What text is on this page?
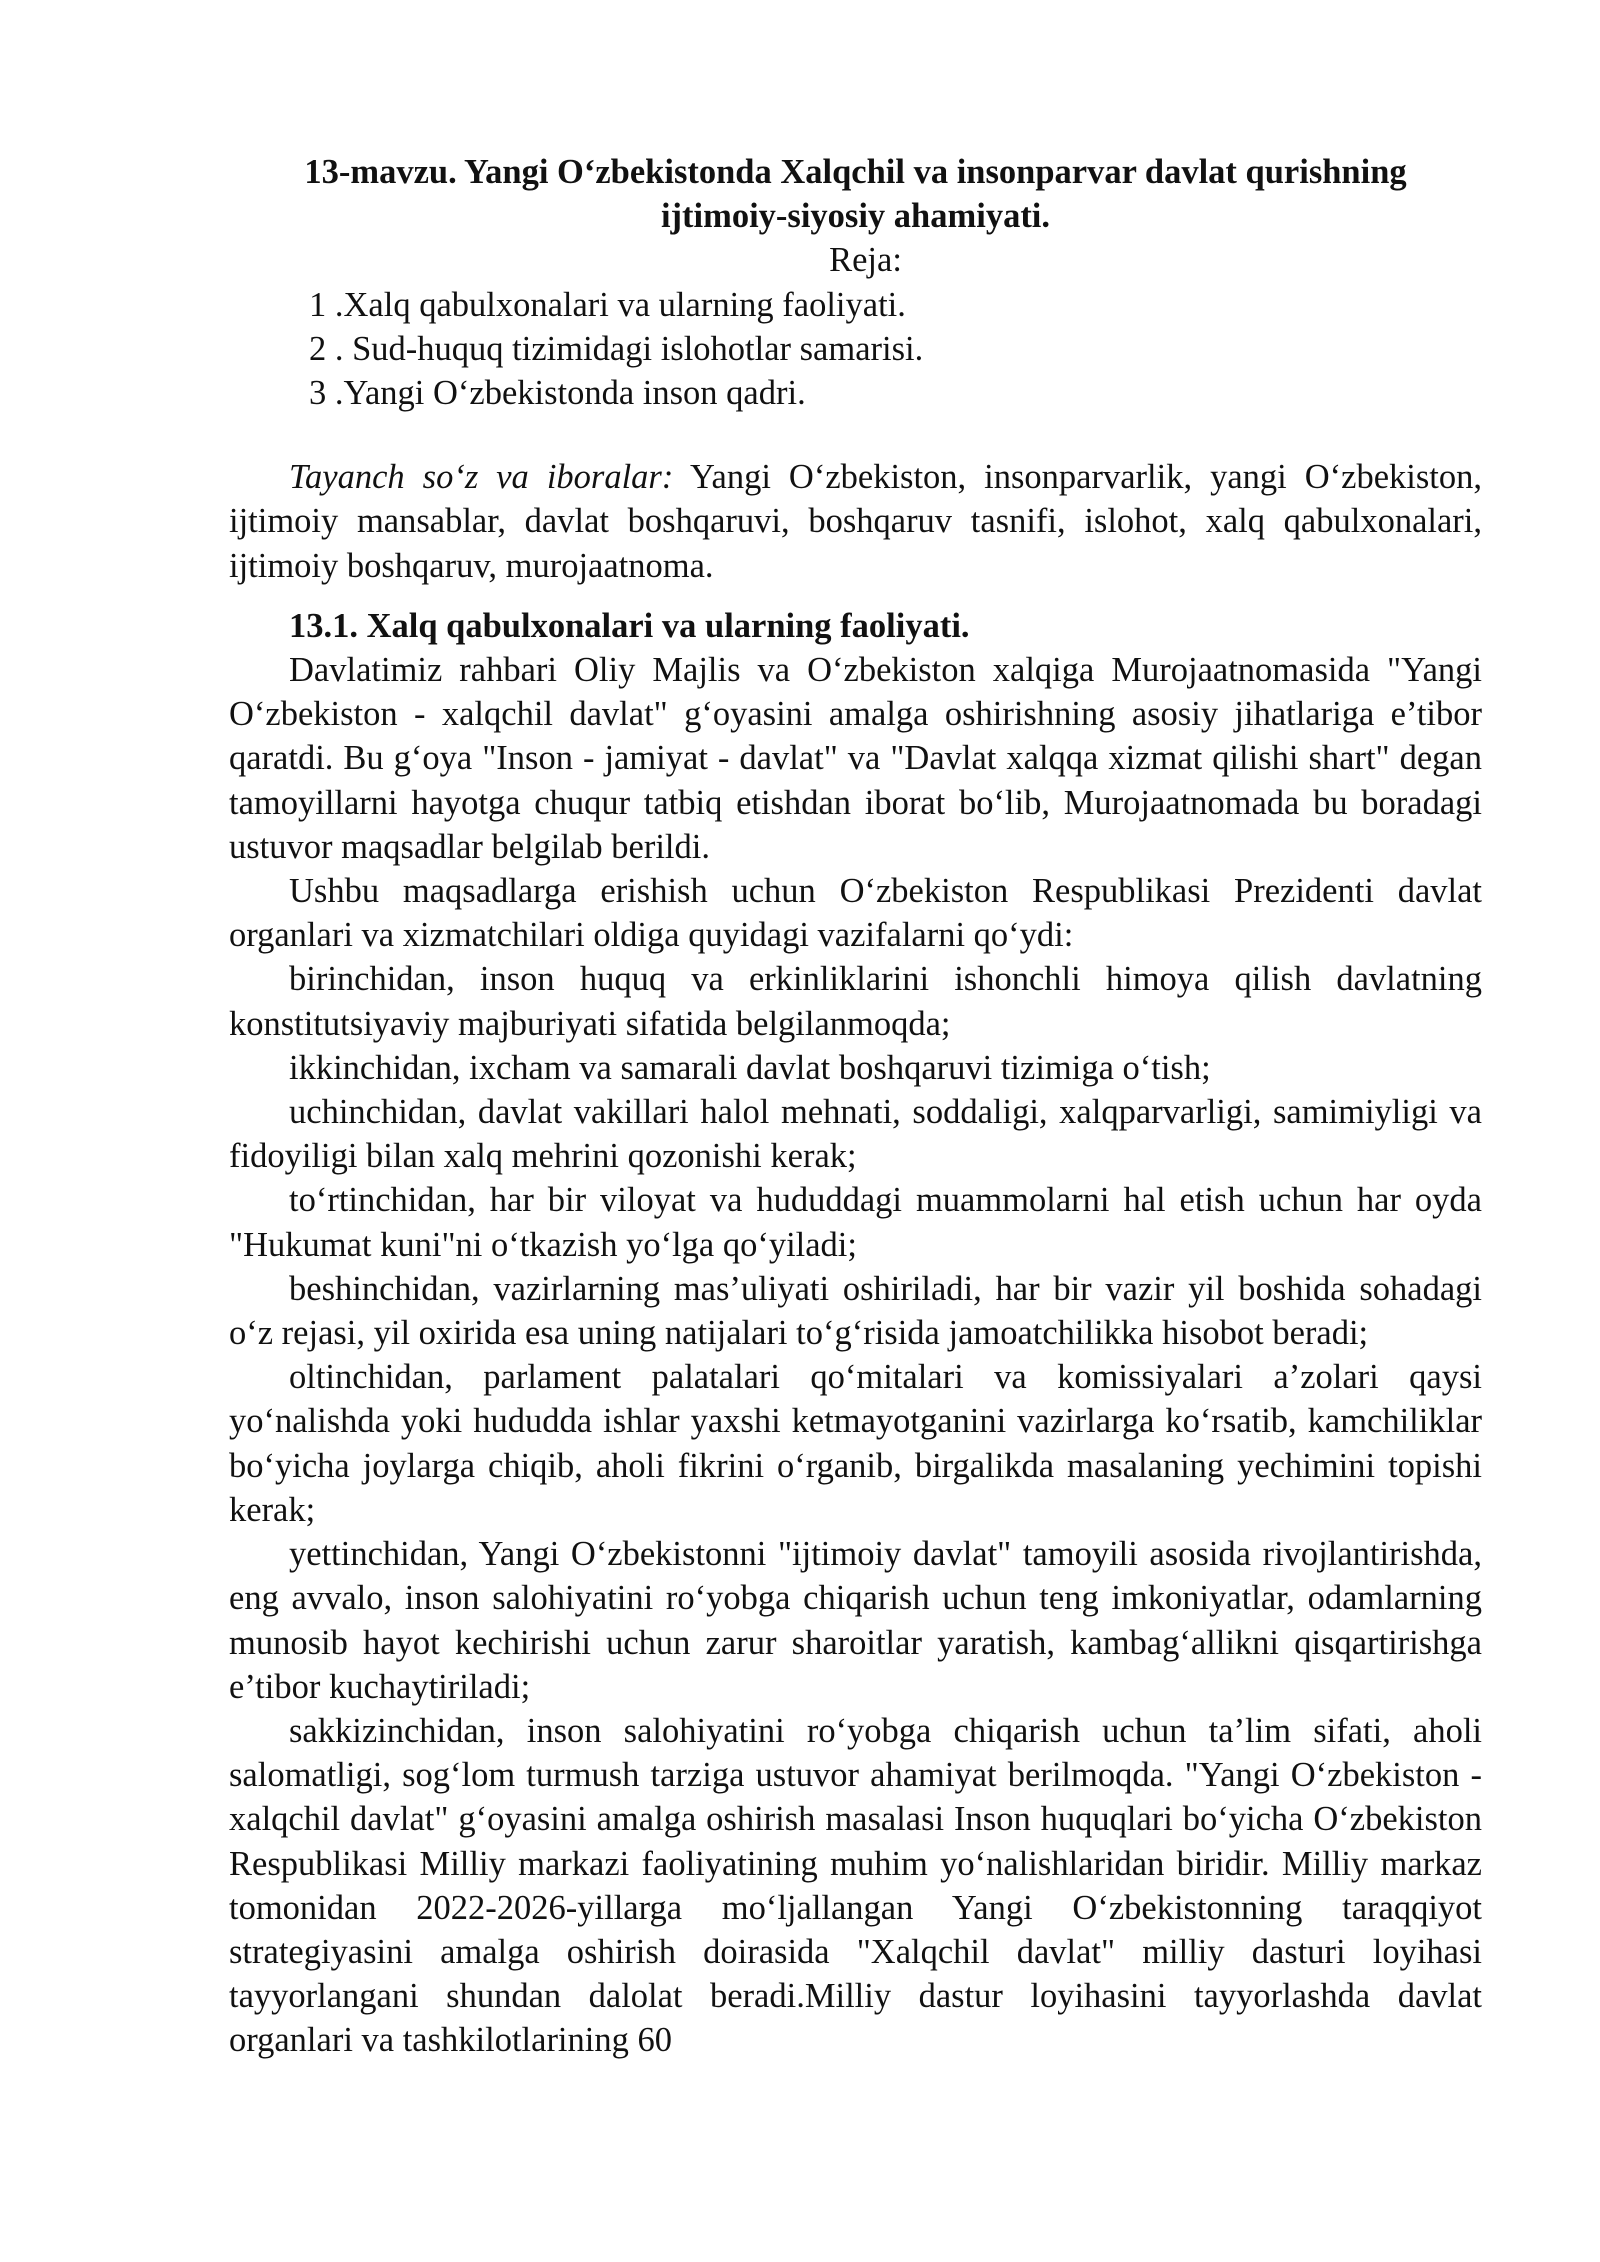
13-mavzu. Yangi O‘zbekistonda Xalqchil va insonparvar davlat qurishning ijtimoiy-siyosiy ahamiyati.
Reja:
1 .Xalq qabulxonalari va ularning faoliyati.
2 . Sud-huquq tizimidagi islohotlar samarisi.
3 .Yangi O‘zbekistonda inson qadri.

Tayanch so‘z va iboralar: Yangi O‘zbekiston, insonparvarlik, yangi O‘zbekiston, ijtimoiy mansablar, davlat boshqaruvi, boshqaruv tasnifi, islohot, xalq qabulxonalari, ijtimoiy boshqaruv, murojaatnoma.

13.1. Xalq qabulxonalari va ularning faoliyati.

Davlatimiz rahbari Oliy Majlis va O‘zbekiston xalqiga Murojaatnomasida "Yangi O‘zbekiston - xalqchil davlat" g‘oyasini amalga oshirishning asosiy jihatlariga e’tibor qaratdi. Bu g‘oya "Inson - jamiyat - davlat" va "Davlat xalqqa xizmat qilishi shart" degan tamoyillarni hayotga chuqur tatbiq etishdan iborat bo‘lib, Murojaatnomada bu boradagi ustuvor maqsadlar belgilab berildi.

Ushbu maqsadlarga erishish uchun O‘zbekiston Respublikasi Prezidenti davlat organlari va xizmatchilari oldiga quyidagi vazifalarni qo‘ydi:

birinchidan, inson huquq va erkinliklarini ishonchli himoya qilish davlatning konstitutsiyaviy majburiyati sifatida belgilanmoqda;

ikkinchidan, ixcham va samarali davlat boshqaruvi tizimiga o‘tish;

uchinchidan, davlat vakillari halol mehnati, soddaligi, xalqparvarligi, samimiyligi va fidoyiligi bilan xalq mehrini qozonishi kerak;

to‘rtinchidan, har bir viloyat va hududdagi muammolarni hal etish uchun har oyda "Hukumat kuni"ni o‘tkazish yo‘lga qo‘yiladi;

beshinchidan, vazirlarning mas’uliyati oshiriladi, har bir vazir yil boshida sohadagi o‘z rejasi, yil oxirida esa uning natijalari to‘g‘risida jamoatchilikka hisobot beradi;

oltinchidan, parlament palatalari qo‘mitalari va komissiyalari a’zolari qaysi yo‘nalishda yoki hududda ishlar yaxshi ketmayotganini vazirlarga ko‘rsatib, kamchiliklar bo‘yicha joylarga chiqib, aholi fikrini o‘rganib, birgalikda masalaning yechimini topishi kerak;

yettinchidan, Yangi O‘zbekistonni "ijtimoiy davlat" tamoyili asosida rivojlantirishda, eng avvalo, inson salohiyatini ro‘yobga chiqarish uchun teng imkoniyatlar, odamlarning munosib hayot kechirishi uchun zarur sharoitlar yaratish, kambag‘allikni qisqartirishga e’tibor kuchaytiriladi;

sakkizinchidan, inson salohiyatini ro‘yobga chiqarish uchun ta’lim sifati, aholi salomatligi, sog‘lom turmush tarziga ustuvor ahamiyat berilmoqda. "Yangi O‘zbekiston - xalqchil davlat" g‘oyasini amalga oshirish masalasi Inson huquqlari bo‘yicha O‘zbekiston Respublikasi Milliy markazi faoliyatining muhim yo‘nalishlaridan biridir. Milliy markaz tomonidan 2022-2026-yillarga mo‘ljallangan Yangi O‘zbekistonning taraqqiyot strategiyasini amalga oshirish doirasida "Xalqchil davlat" milliy dasturi loyihasi tayyorlangani shundan dalolat beradi.Milliy dastur loyihasini tayyorlashda davlat organlari va tashkilotlarining 60
